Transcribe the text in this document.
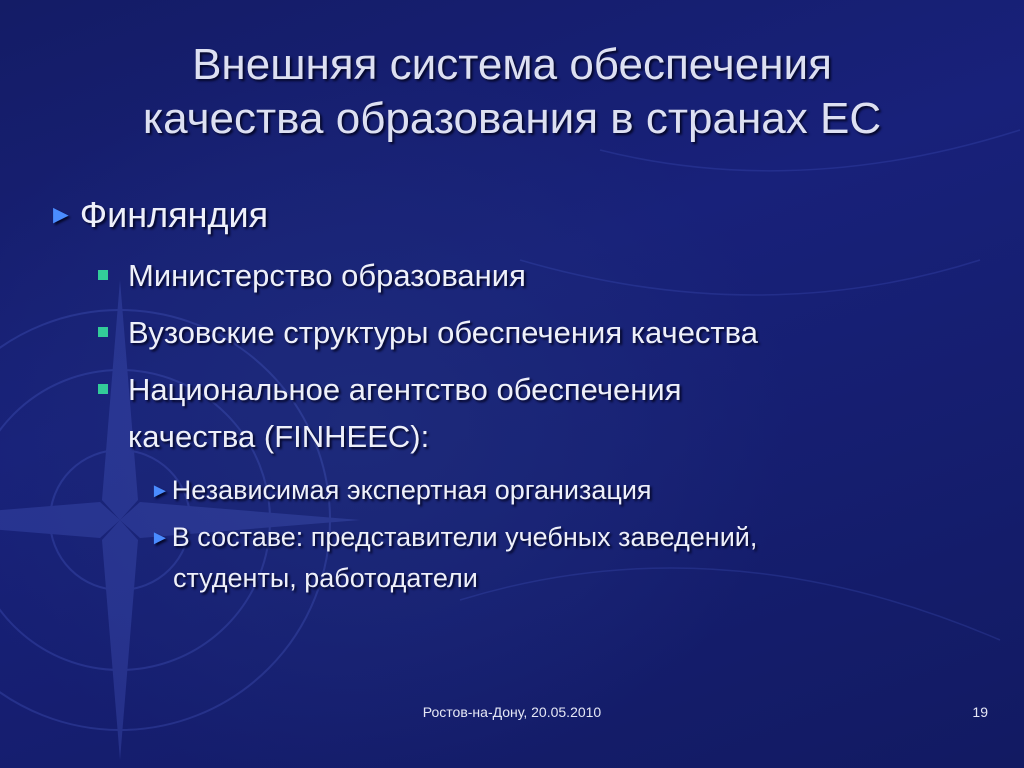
Внешняя система обеспечения
качества образования в странах ЕС
► Финляндия
Министерство образования
Вузовские структуры обеспечения качества
Национальное агентство обеспечения
качества (FINHEEC):
►Независимая экспертная организация
►В составе: представители учебных заведений,
студенты, работодатели
Ростов-на-Дону, 20.05.2010	19
